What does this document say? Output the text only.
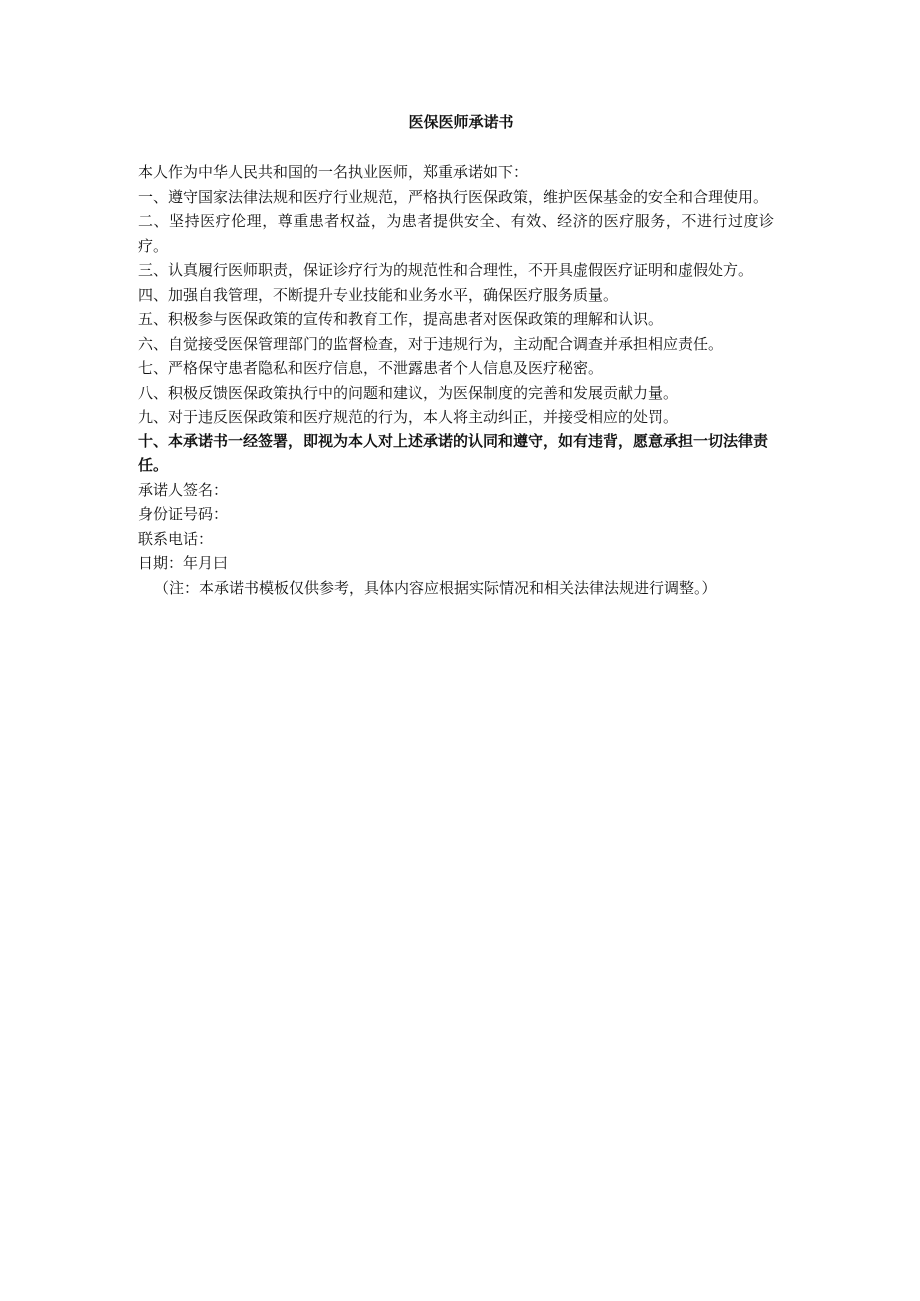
医保医师承诺书

本人作为中华人民共和国的一名执业医师，郑重承诺如下：

一、遵守国家法律法规和医疗行业规范，严格执行医保政策，维护医保基金的安全和合理使用。

二、坚持医疗伦理，尊重患者权益，为患者提供安全、有效、经济的医疗服务，不进行过度诊疗。

三、认真履行医师职责，保证诊疗行为的规范性和合理性，不开具虚假医疗证明和虚假处方。

四、加强自我管理，不断提升专业技能和业务水平，确保医疗服务质量。

五、积极参与医保政策的宣传和教育工作，提高患者对医保政策的理解和认识。

六、自觉接受医保管理部门的监督检查，对于违规行为，主动配合调查并承担相应责任。

七、严格保守患者隐私和医疗信息，不泄露患者个人信息及医疗秘密。

八、积极反馈医保政策执行中的问题和建议，为医保制度的完善和发展贡献力量。

九、对于违反医保政策和医疗规范的行为，本人将主动纠正，并接受相应的处罚。

十、本承诺书一经签署，即视为本人对上述承诺的认同和遵守，如有违背，愿意承担一切法律责任。

承诺人签名：

身份证号码：

联系电话：

日期：年月曰

（注：本承诺书模板仅供参考，具体内容应根据实际情况和相关法律法规进行调整。）
